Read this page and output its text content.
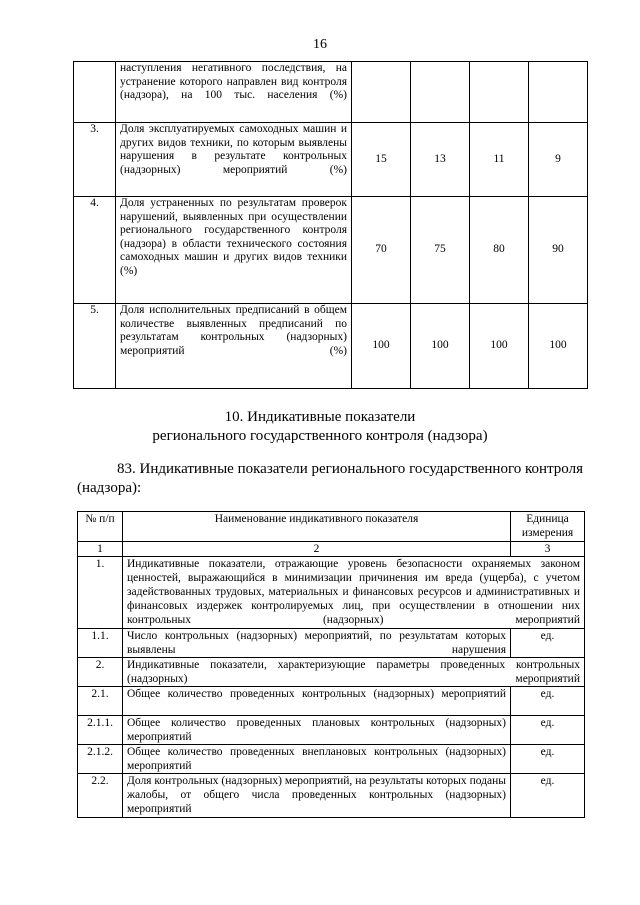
16
	наступления негативного последствия, на устранение которого направлен вид контроля (надзора), на 100 тыс. населения (%)				
3.	Доля эксплуатируемых самоходных машин и других видов техники, по которым выявлены нарушения в результате контрольных (надзорных) мероприятий (%)	15	13	11	9
4.	Доля устраненных по результатам проверок нарушений, выявленных при осуществлении регионального государственного контроля (надзора) в области технического состояния самоходных машин и других видов техники (%)	70	75	80	90
5.	Доля исполнительных предписаний в общем количестве выявленных предписаний по результатам контрольных (надзорных) мероприятий (%)	100	100	100	100
10. Индикативные показатели
регионального государственного контроля (надзора)
83. Индикативные показатели регионального государственного контроля (надзора):
№ п/п	Наименование индикативного показателя	Единица измерения
1	2	3
1.	Индикативные показатели, отражающие уровень безопасности охраняемых законом ценностей, выражающийся в минимизации причинения им вреда (ущерба), с учетом задействованных трудовых, материальных и финансовых ресурсов и административных и финансовых издержек контролируемых лиц, при осуществлении в отношении них контрольных (надзорных) мероприятий	
1.1.	Число контрольных (надзорных) мероприятий, по результатам которых выявлены нарушения	ед.
2.	Индикативные показатели, характеризующие параметры проведенных контрольных (надзорных) мероприятий	
2.1.	Общее количество проведенных контрольных (надзорных) мероприятий	ед.
2.1.1.	Общее количество проведенных плановых контрольных (надзорных) мероприятий	ед.
2.1.2.	Общее количество проведенных внеплановых контрольных (надзорных) мероприятий	ед.
2.2.	Доля контрольных (надзорных) мероприятий, на результаты которых поданы жалобы, от общего числа проведенных контрольных (надзорных) мероприятий	ед.
